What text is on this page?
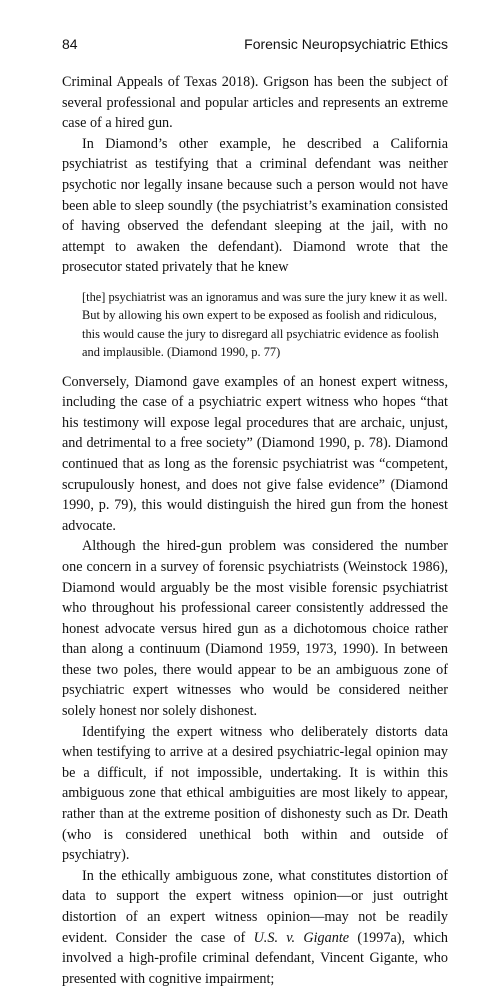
84	Forensic Neuropsychiatric Ethics

Criminal Appeals of Texas 2018). Grigson has been the subject of several professional and popular articles and represents an extreme case of a hired gun.

In Diamond’s other example, he described a California psychiatrist as testifying that a criminal defendant was neither psychotic nor legally insane because such a person would not have been able to sleep soundly (the psychiatrist’s examination consisted of having observed the defendant sleeping at the jail, with no attempt to awaken the defendant). Diamond wrote that the prosecutor stated privately that he knew

[the] psychiatrist was an ignoramus and was sure the jury knew it as well. But by allowing his own expert to be exposed as foolish and ridiculous, this would cause the jury to disregard all psychiatric evidence as foolish and implausible. (Diamond 1990, p. 77)

Conversely, Diamond gave examples of an honest expert witness, including the case of a psychiatric expert witness who hopes “that his testimony will expose legal procedures that are archaic, unjust, and detrimental to a free society” (Diamond 1990, p. 78). Diamond continued that as long as the forensic psychiatrist was “competent, scrupulously honest, and does not give false evidence” (Diamond 1990, p. 79), this would distinguish the hired gun from the honest advocate.

Although the hired-gun problem was considered the number one concern in a survey of forensic psychiatrists (Weinstock 1986), Diamond would arguably be the most visible forensic psychiatrist who throughout his professional career consistently addressed the honest advocate versus hired gun as a dichotomous choice rather than along a continuum (Diamond 1959, 1973, 1990). In between these two poles, there would appear to be an ambiguous zone of psychiatric expert witnesses who would be considered neither solely honest nor solely dishonest.

Identifying the expert witness who deliberately distorts data when testifying to arrive at a desired psychiatric-legal opinion may be a difficult, if not impossible, undertaking. It is within this ambiguous zone that ethical ambiguities are most likely to appear, rather than at the extreme position of dishonesty such as Dr. Death (who is considered unethical both within and outside of psychiatry).

In the ethically ambiguous zone, what constitutes distortion of data to support the expert witness opinion—or just outright distortion of an expert witness opinion—may not be readily evident. Consider the case of U.S. v. Gigante (1997a), which involved a high-profile criminal defendant, Vincent Gigante, who presented with cognitive impairment;
